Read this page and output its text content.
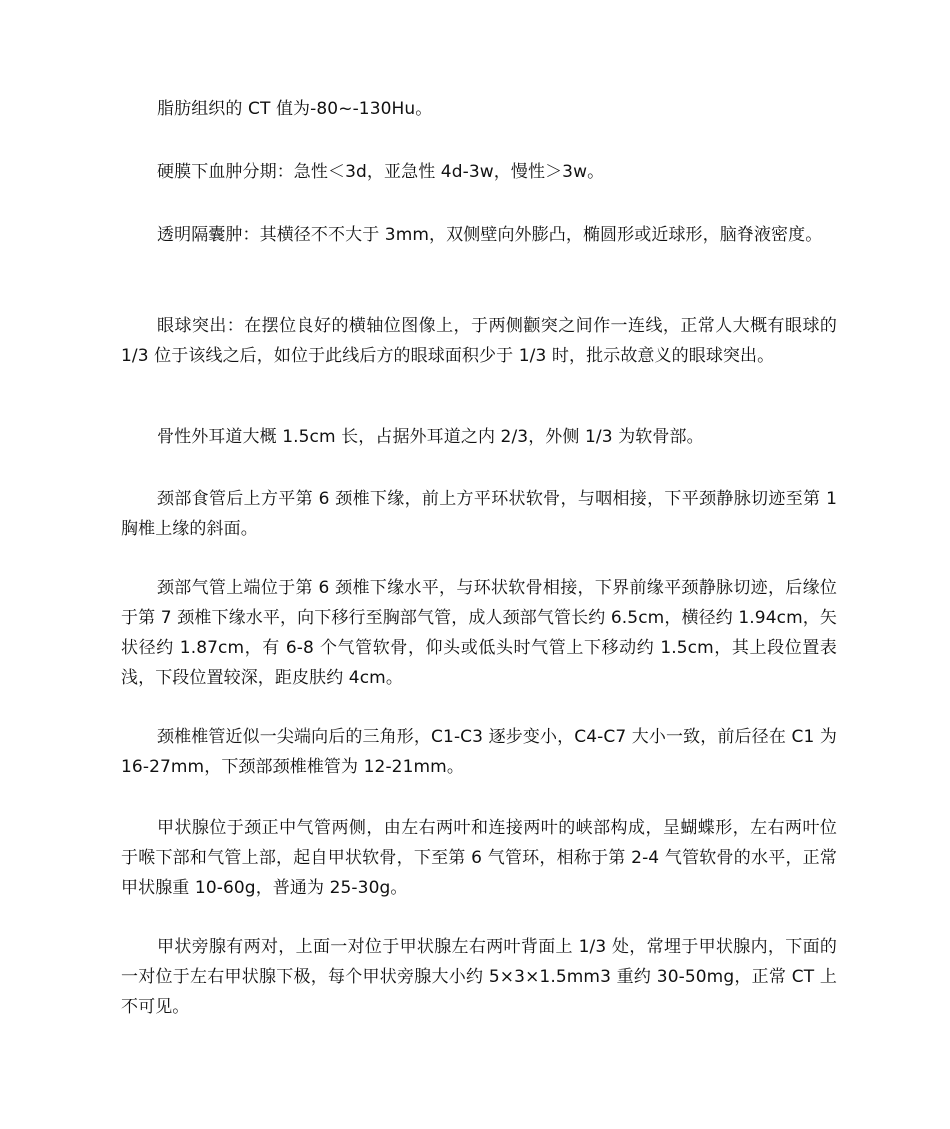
脂肪组织的 CT 值为-80~-130Hu。

硬膜下血肿分期：急性＜3d，亚急性 4d-3w，慢性＞3w。

透明隔囊肿：其横径不不大于 3mm，双侧壁向外膨凸，椭圆形或近球形，脑脊液密度。

眼球突出：在摆位良好的横轴位图像上，于两侧颧突之间作一连线，正常人大概有眼球的 1/3 位于该线之后，如位于此线后方的眼球面积少于 1/3 时，批示故意义的眼球突出。

骨性外耳道大概 1.5cm 长，占据外耳道之内 2/3，外侧 1/3 为软骨部。

颈部食管后上方平第 6 颈椎下缘，前上方平环状软骨，与咽相接，下平颈静脉切迹至第 1 胸椎上缘的斜面。

颈部气管上端位于第 6 颈椎下缘水平，与环状软骨相接，下界前缘平颈静脉切迹，后缘位于第 7 颈椎下缘水平，向下移行至胸部气管，成人颈部气管长约 6.5cm，横径约 1.94cm，矢状径约 1.87cm，有 6-8 个气管软骨，仰头或低头时气管上下移动约 1.5cm，其上段位置表浅，下段位置较深，距皮肤约 4cm。

颈椎椎管近似一尖端向后的三角形，C1-C3 逐步变小，C4-C7 大小一致，前后径在 C1 为 16-27mm，下颈部颈椎椎管为 12-21mm。

甲状腺位于颈正中气管两侧，由左右两叶和连接两叶的峡部构成，呈蝴蝶形，左右两叶位于喉下部和气管上部，起自甲状软骨，下至第 6 气管环，相称于第 2-4 气管软骨的水平，正常甲状腺重 10-60g，普通为 25-30g。

甲状旁腺有两对，上面一对位于甲状腺左右两叶背面上 1/3 处，常埋于甲状腺内，下面的一对位于左右甲状腺下极，每个甲状旁腺大小约 5×3×1.5mm3 重约 30-50mg，正常 CT 上不可见。
